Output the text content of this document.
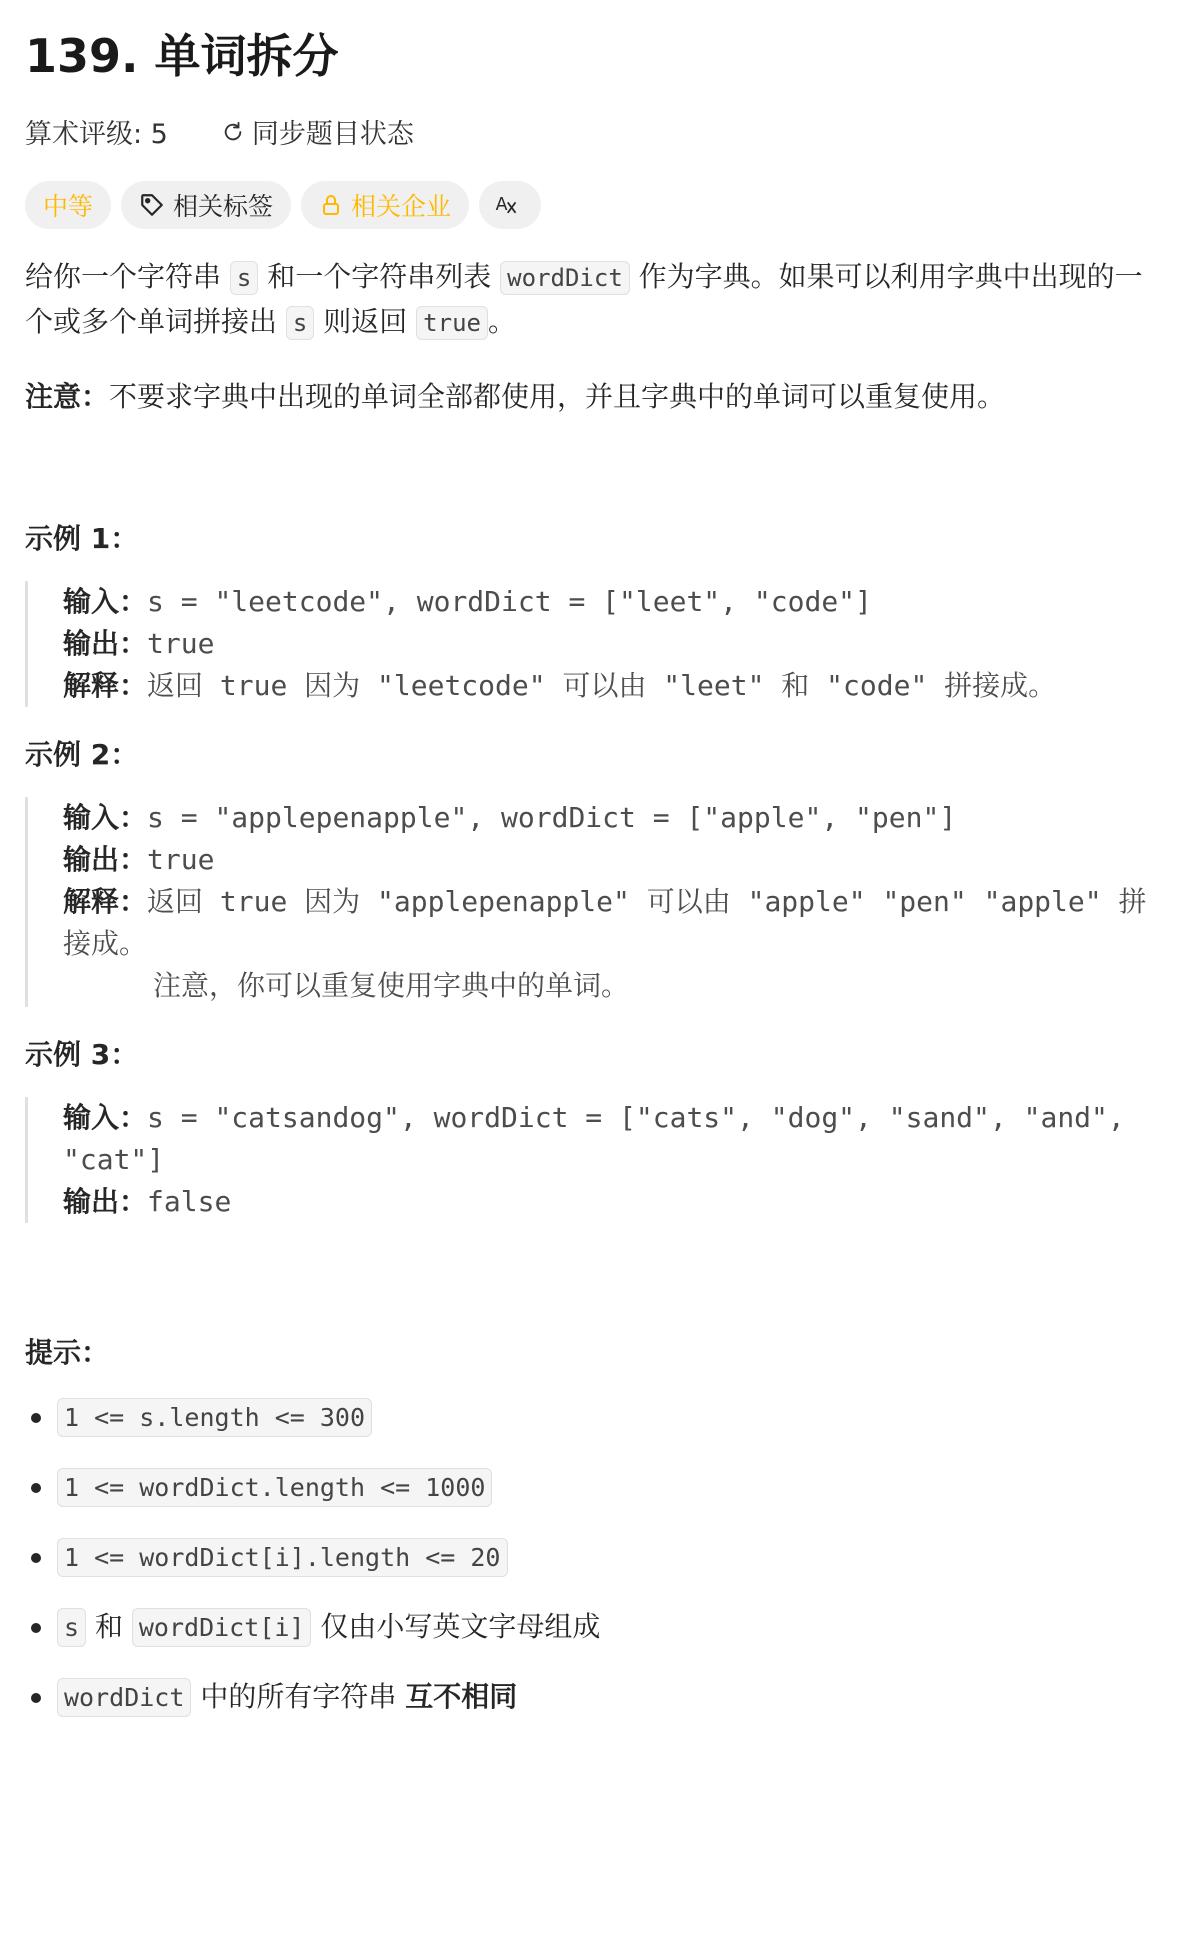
139. 单词拆分
算术评级: 5	同步题目状态
中等	相关标签	相关企业 A

给你一个字符串 s 和一个字符串列表 wordDict 作为字典。如果可以利用字典中出现的一个或多个单词拼接出 s 则返回 true 。

注意：不要求字典中出现的单词全部都使用，并且字典中的单词可以重复使用。

示例 1：

输入：s = "leetcode", wordDict = ["leet", "code"]
输出：true
解释：返回 true 因为 "leetcode" 可以由 "leet" 和 "code" 拼接成。

示例 2：

输入：s = "applepenapple", wordDict = ["apple", "pen"]
输出：true
解释：返回 true 因为 "applepenapple" 可以由 "apple" "pen" "apple" 拼接成。
注意，你可以重复使用字典中的单词。

示例 3：

输入：s = "catsandog", wordDict = ["cats", "dog", "sand", "and", "cat"]
输出：false
提示：
1 <= s.length <= 300
1 <= wordDict.length <= 1000
1 <= wordDict[i].length <= 20
s 和 wordDict[i] 仅由小写英文字母组成
wordDict 中的所有字符串 互不相同
